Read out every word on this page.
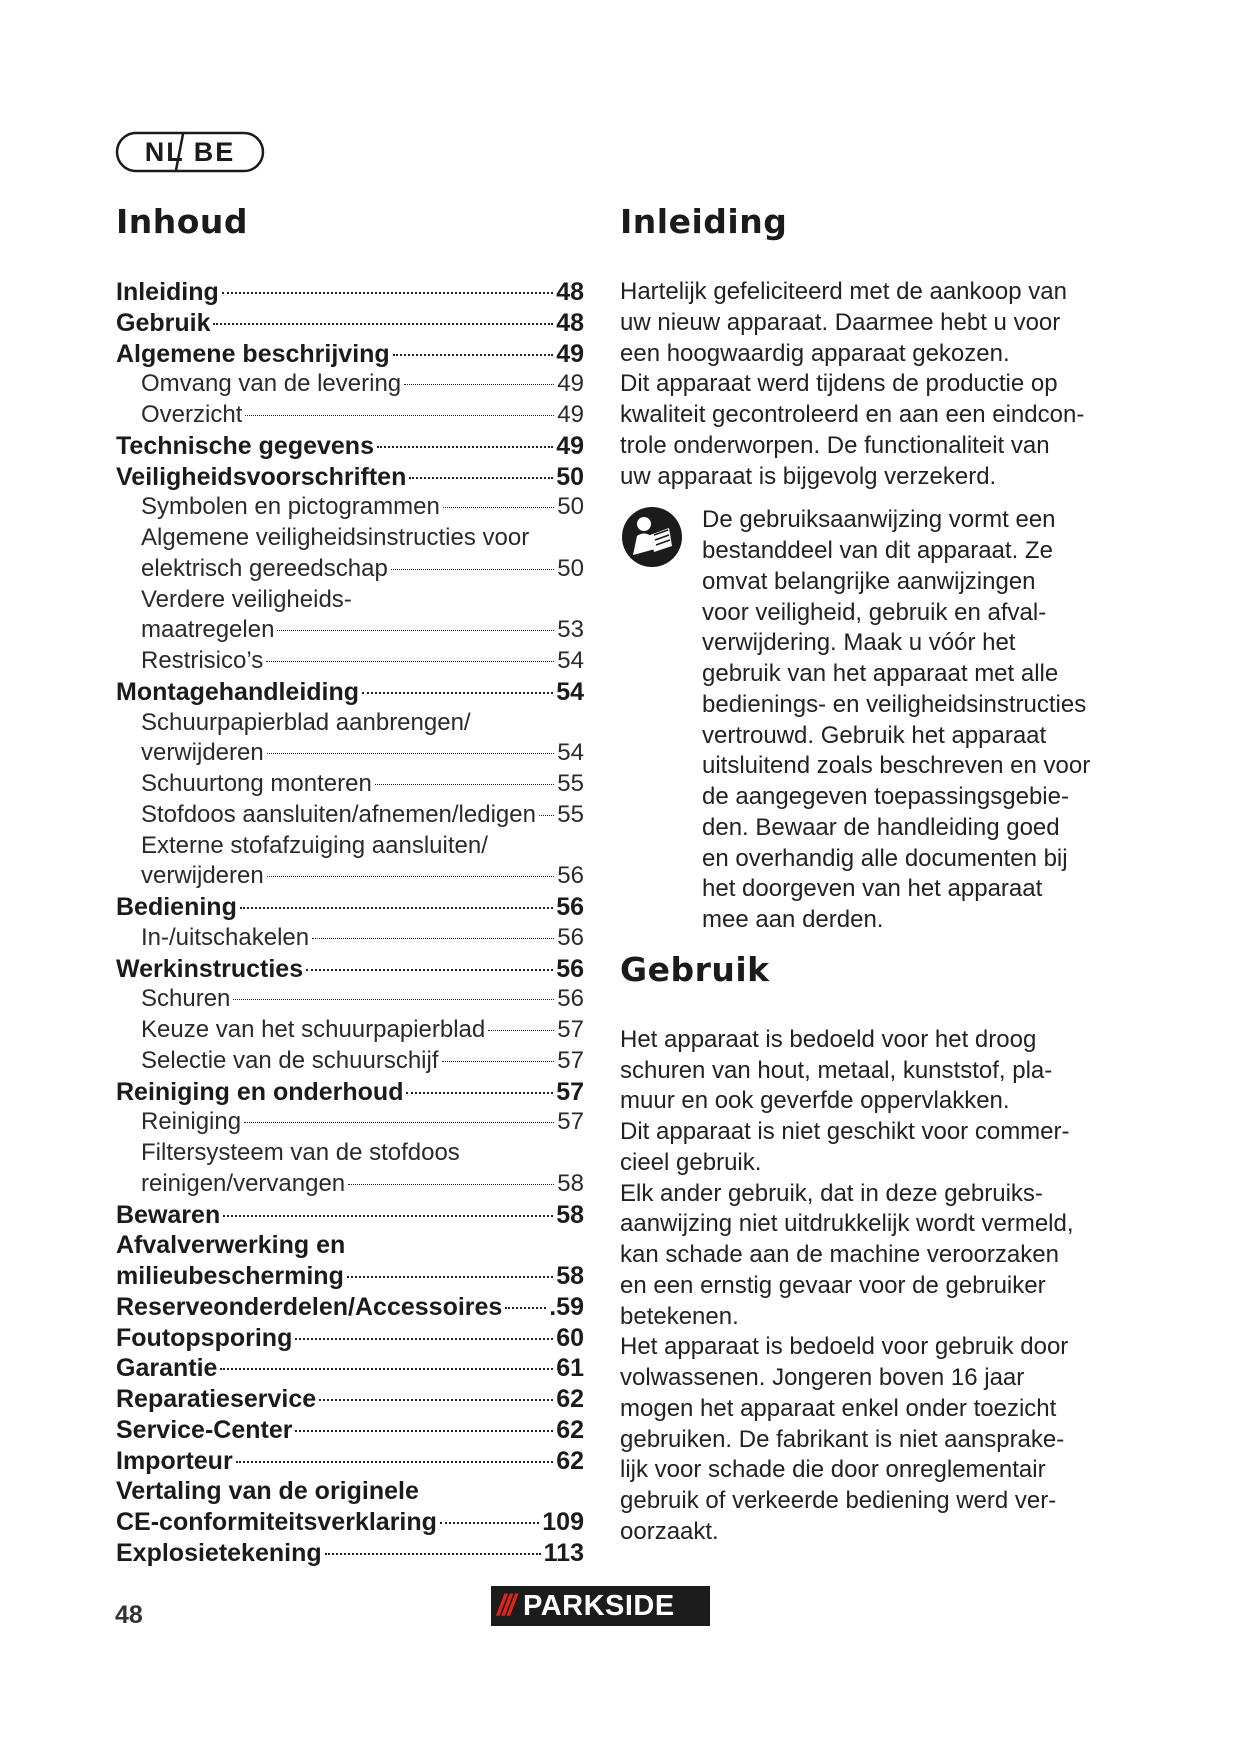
NL BE
Inhoud
Inleiding	48
Gebruik	48
Algemene beschrijving	49
Omvang van de levering	49
Overzicht	49
Technische gegevens	49
Veiligheidsvoorschriften	50
Symbolen en pictogrammen	50
Algemene veiligheidsinstructies voor
elektrisch gereedschap	50
Verdere veiligheids-
maatregelen	53
Restrisico’s	54
Montagehandleiding	54
Schuurpapierblad aanbrengen/
verwijderen	54
Schuurtong monteren	55
Stofdoos aansluiten/afnemen/ledigen 55
Externe stofafzuiging aansluiten/
verwijderen	56
Bediening	56
In-/uitschakelen	56
Werkinstructies	56
Schuren	56
Keuze van het schuurpapierblad	57
Selectie van de schuurschijf	57
Reiniging en onderhoud	57
Reiniging	57
Filtersysteem van de stofdoos
reinigen/vervangen	58
Bewaren	58
Afvalverwerking en
milieubescherming	58
Reserveonderdelen/Accessoires .59
Foutopsporing	60
Garantie	61
Reparatieservice	62
Service-Center	62
Importeur	62
Vertaling van de originele
CE-conformiteitsverklaring	109
Explosietekening	113
Inleiding

Hartelijk gefeliciteerd met de aankoop van
uw nieuw apparaat. Daarmee hebt u voor
een hoogwaardig apparaat gekozen.
Dit apparaat werd tijdens de productie op
kwaliteit gecontroleerd en aan een eindcon-
trole onderworpen. De functionaliteit van
uw apparaat is bijgevolg verzekerd.

De gebruiksaanwijzing vormt een
bestanddeel van dit apparaat. Ze
omvat belangrijke aanwijzingen
voor veiligheid, gebruik en afval-
verwijdering. Maak u vóór het
gebruik van het apparaat met alle
bedienings- en veiligheidsinstructies
vertrouwd. Gebruik het apparaat
uitsluitend zoals beschreven en voor
de aangegeven toepassingsgebie-
den. Bewaar de handleiding goed
en overhandig alle documenten bij
het doorgeven van het apparaat
mee aan derden.

Gebruik

Het apparaat is bedoeld voor het droog
schuren van hout, metaal, kunststof, pla-
muur en ook geverfde oppervlakken.
Dit apparaat is niet geschikt voor commer-
cieel gebruik.
Elk ander gebruik, dat in deze gebruiks-
aanwijzing niet uitdrukkelijk wordt vermeld,
kan schade aan de machine veroorzaken
en een ernstig gevaar voor de gebruiker
betekenen.
Het apparaat is bedoeld voor gebruik door
volwassenen. Jongeren boven 16 jaar
mogen het apparaat enkel onder toezicht
gebruiken. De fabrikant is niet aansprake-
lijk voor schade die door onreglementair
gebruik of verkeerde bediening werd ver-
oorzaakt.

48	/// PARKSIDE
